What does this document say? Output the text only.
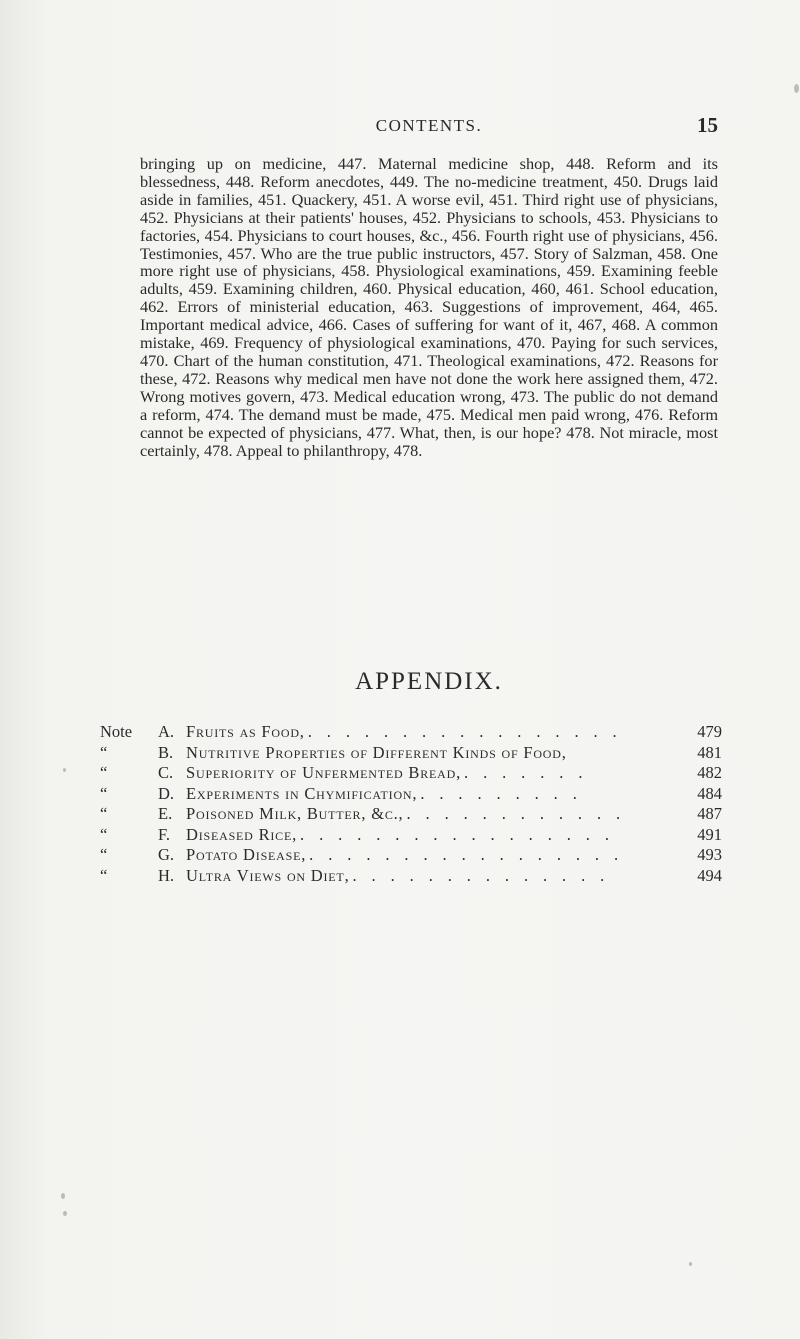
CONTENTS.	15

bringing up on medicine, 447. Maternal medicine shop, 448. Reform and its blessedness, 448. Reform anecdotes, 449. The no-medicine treatment, 450. Drugs laid aside in families, 451. Quackery, 451. A worse evil, 451. Third right use of physicians, 452. Physicians at their patients' houses, 452. Physicians to schools, 453. Physicians to factories, 454. Physicians to court houses, &c., 456. Fourth right use of physicians, 456. Testimonies, 457. Who are the true public instructors, 457. Story of Salzman, 458. One more right use of physicians, 458. Physiological examinations, 459. Examining feeble adults, 459. Examining children, 460. Physical education, 460, 461. School education, 462. Errors of ministerial education, 463. Suggestions of improvement, 464, 465. Important medical advice, 466. Cases of suffering for want of it, 467, 468. A common mistake, 469. Frequency of physiological examinations, 470. Paying for such services, 470. Chart of the human constitution, 471. Theological examinations, 472. Reasons for these, 472. Reasons why medical men have not done the work here assigned them, 472. Wrong motives govern, 473. Medical education wrong, 473. The public do not demand a reform, 474. The demand must be made, 475. Medical men paid wrong, 476. Reform cannot be expected of physicians, 477. What, then, is our hope? 478. Not miracle, most certainly, 478. Appeal to philanthropy, 478.

APPENDIX.
Note	A. Fruits as Food, . . . . . . . . . . . . . . . . .	479
“	B. Nutritive Properties of Different Kinds of Food,	481
“	C. Superiority of Unfermented Bread, . . . . . . .	482
“	D. Experiments in Chymification, . . . . . . . . .	484
“	E. Poisoned Milk, Butter, &c., . . . . . . . . . . . .	487
“	F. Diseased Rice, . . . . . . . . . . . . . . . . .	491
“	G. Potato Disease, . . . . . . . . . . . . . . . . .	493
“	H. Ultra Views on Diet, . . . . . . . . . . . . . .	494
